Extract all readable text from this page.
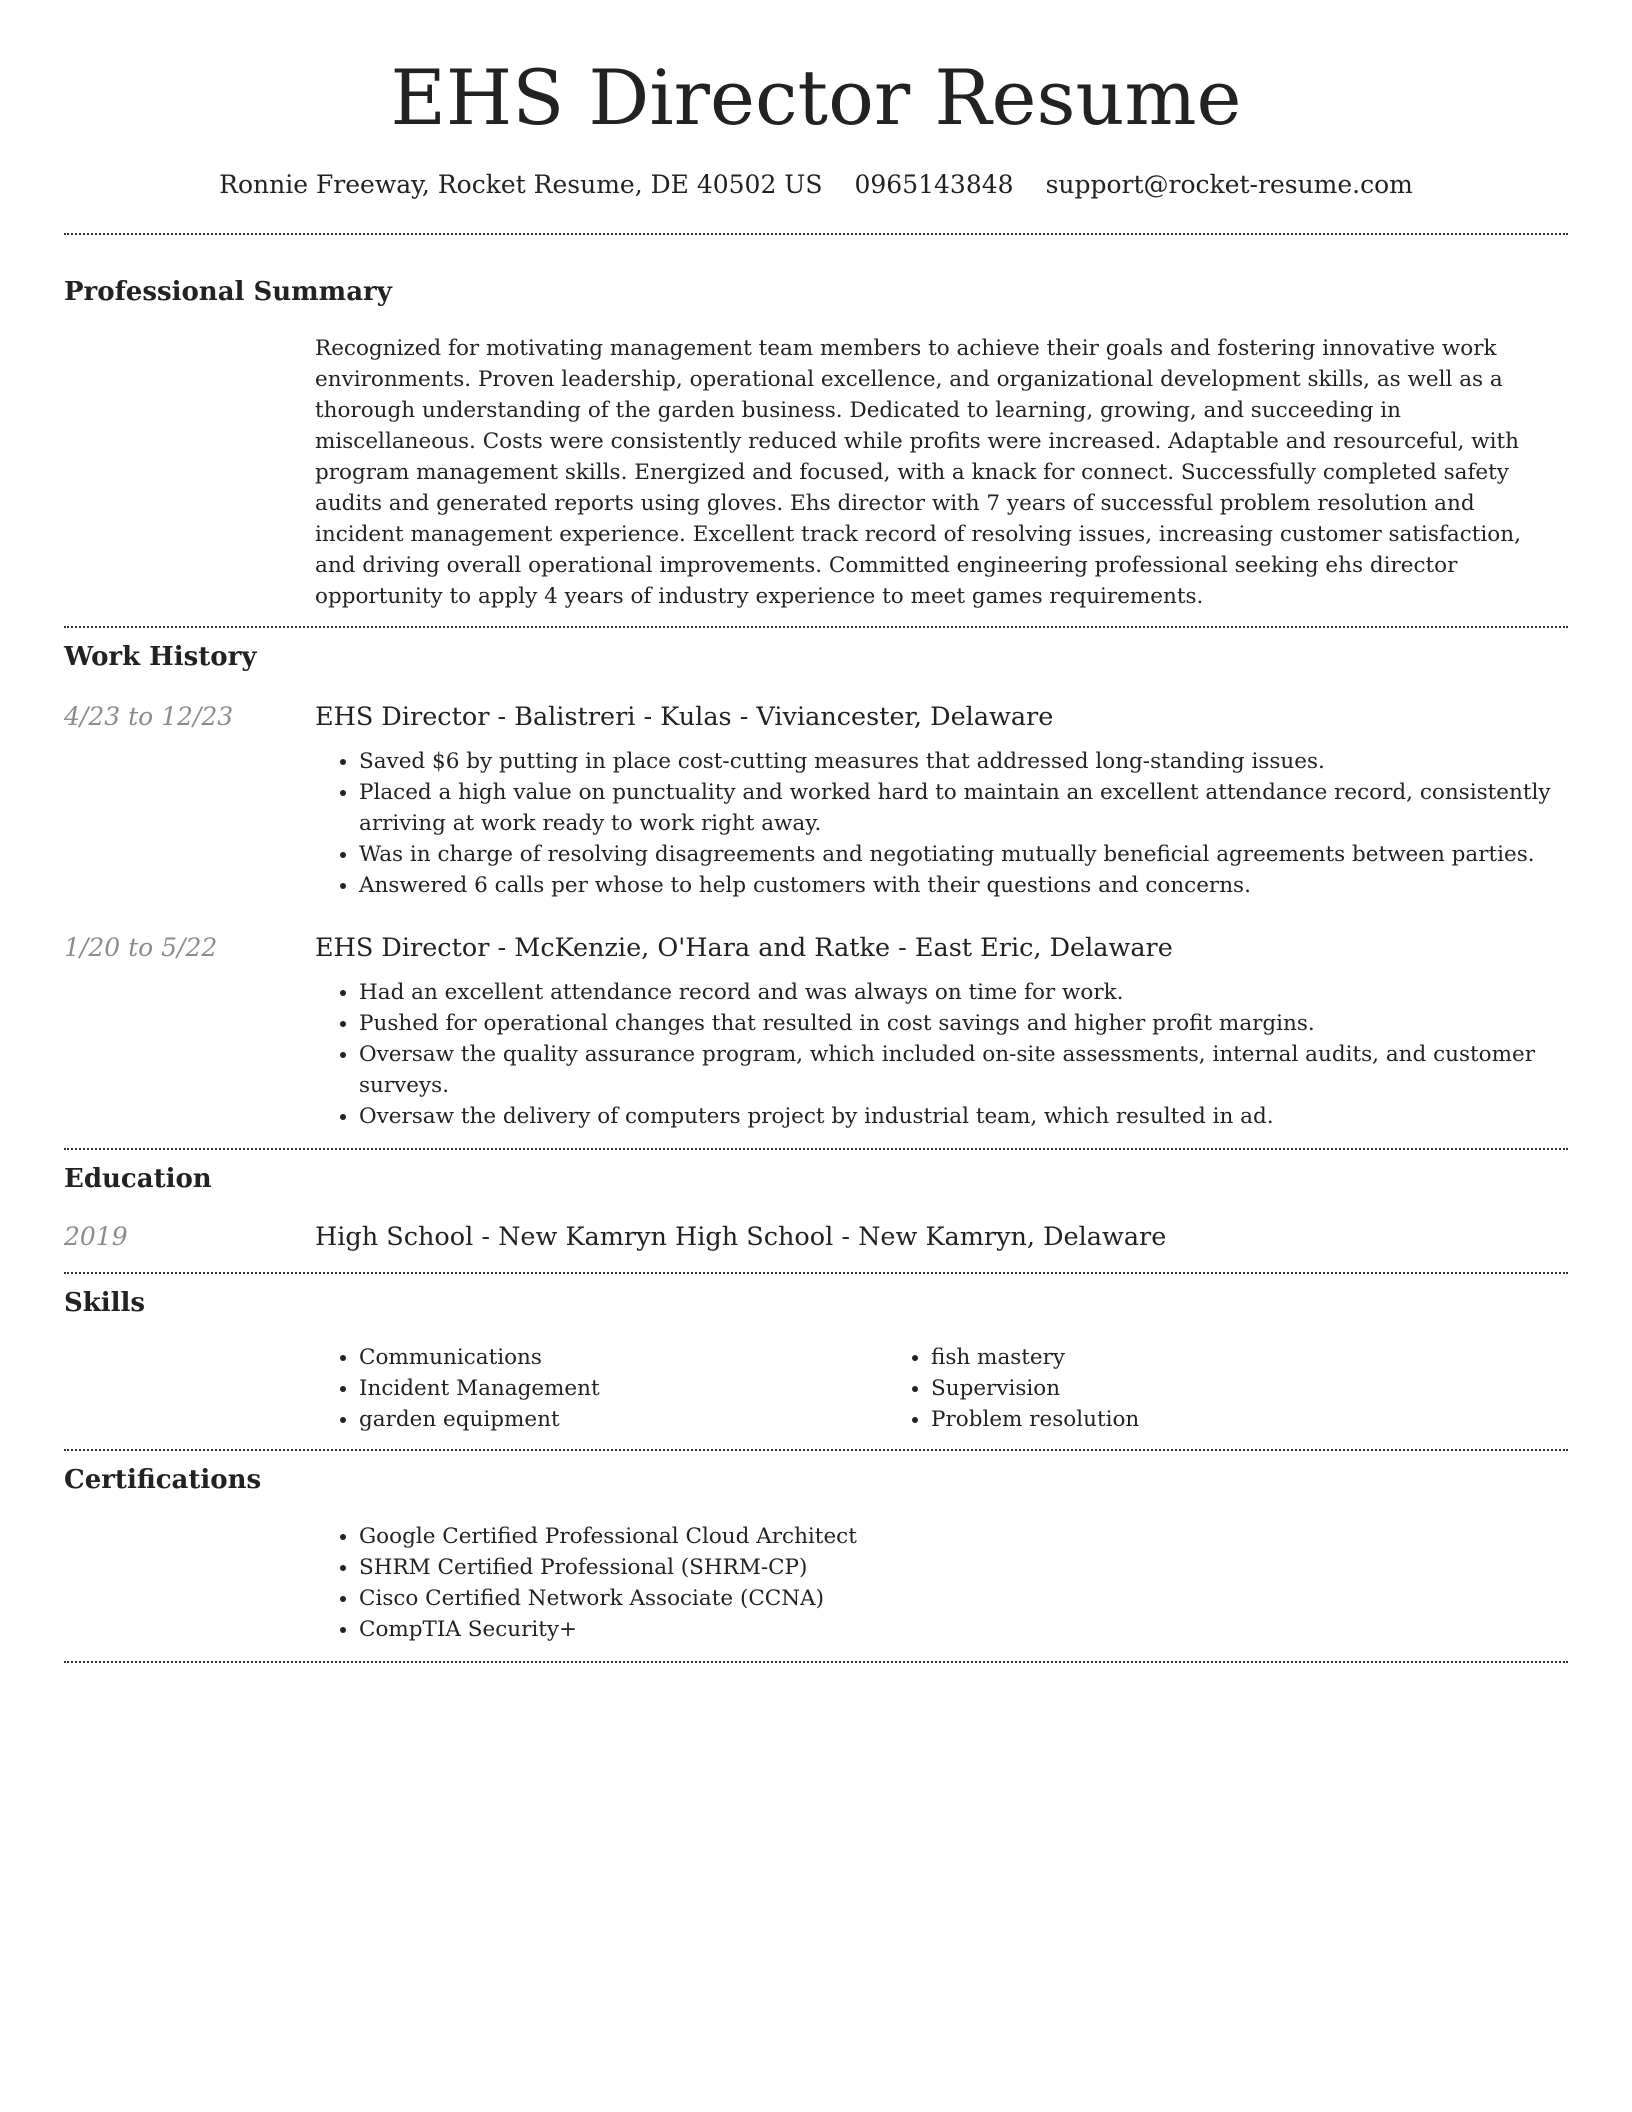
EHS Director Resume
Ronnie Freeway, Rocket Resume, DE 40502 US 0965143848 support@rocket-resume.com
Professional Summary

Recognized for motivating management team members to achieve their goals and fostering innovative work environments. Proven leadership, operational excellence, and organizational development skills, as well as a thorough understanding of the garden business. Dedicated to learning, growing, and succeeding in miscellaneous. Costs were consistently reduced while profits were increased. Adaptable and resourceful, with program management skills. Energized and focused, with a knack for connect. Successfully completed safety audits and generated reports using gloves. Ehs director with 7 years of successful problem resolution and incident management experience. Excellent track record of resolving issues, increasing customer satisfaction, and driving overall operational improvements. Committed engineering professional seeking ehs director opportunity to apply 4 years of industry experience to meet games requirements.

Work History
4/23 to 12/23	EHS Director - Balistreri - Kulas - Viviancester, Delaware
• Saved $6 by putting in place cost-cutting measures that addressed long-standing issues.
• Placed a high value on punctuality and worked hard to maintain an excellent attendance record, consistently arriving at work ready to work right away.
• Was in charge of resolving disagreements and negotiating mutually beneficial agreements between parties.
• Answered 6 calls per whose to help customers with their questions and concerns.
1/20 to 5/22	EHS Director - McKenzie, O'Hara and Ratke - East Eric, Delaware
• Had an excellent attendance record and was always on time for work.
• Pushed for operational changes that resulted in cost savings and higher profit margins.
• Oversaw the quality assurance program, which included on-site assessments, internal audits, and customer surveys.
• Oversaw the delivery of computers project by industrial team, which resulted in ad.
Education
2019	High School - New Kamryn High School - New Kamryn, Delaware
Skills
• Communications
• Incident Management
• garden equipment
• fish mastery
• Supervision
• Problem resolution
Certifications
• Google Certified Professional Cloud Architect
• SHRM Certified Professional (SHRM-CP)
• Cisco Certified Network Associate (CCNA)
• CompTIA Security+
